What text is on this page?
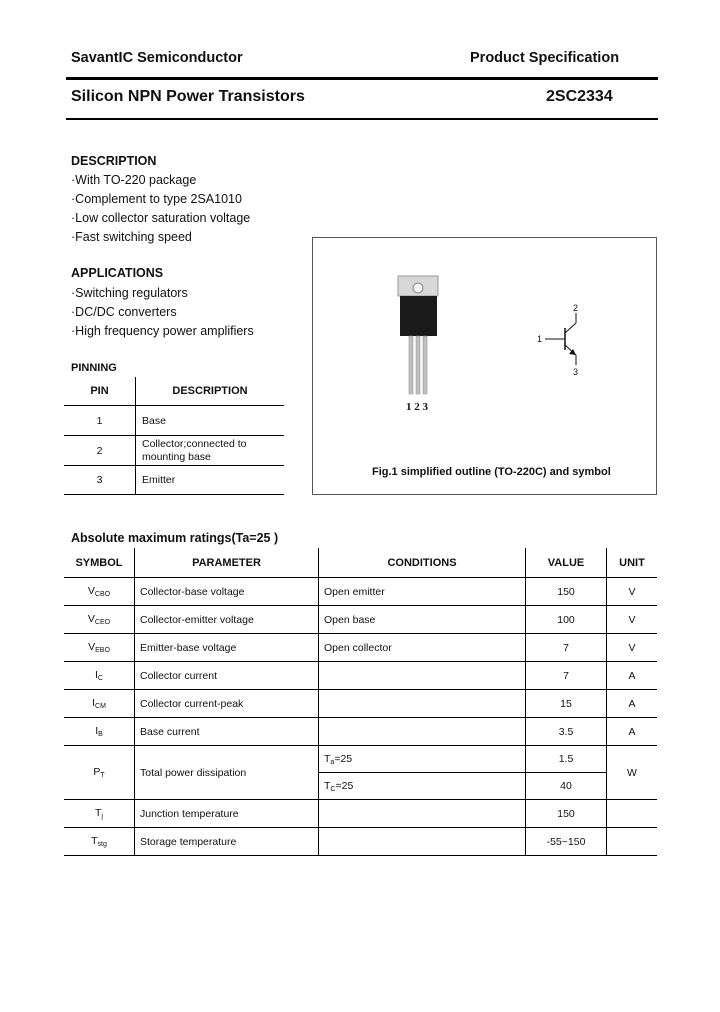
SavantIC Semiconductor	Product Specification
Silicon NPN Power Transistors	2SC2334
DESCRIPTION
·With TO-220 package
·Complement to type 2SA1010
·Low collector saturation voltage
·Fast switching speed
APPLICATIONS
·Switching regulators
·DC/DC converters
·High frequency power amplifiers
PINNING
PIN	DESCRIPTION
1	Base
2	Collector;connected to mounting base
3	Emitter
1 2 3
1
2
3
Fig.1 simplified outline (TO-220C) and symbol
Absolute maximum ratings(Ta=25 )
SYMBOL	PARAMETER	CONDITIONS	VALUE	UNIT
$V_{CBO}$	Collector-base voltage	Open emitter	150	V
$V_{CEO}$	Collector-emitter voltage	Open base	100	V
$V_{EBO}$	Emitter-base voltage	Open collector	7	V
$I_C$	Collector current		7	A
$I_{CM}$	Collector current-peak		15	A
$I_B$	Base current		3.5	A
$P_T$	Total power dissipation	$T_a=25$	1.5	W
		$T_C=25$	40	
$T_j$	Junction temperature		150	
$T_{stg}$	Storage temperature		-55~150	
